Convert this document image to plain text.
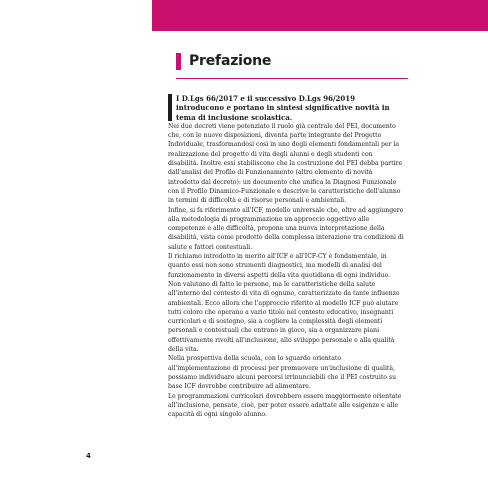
Prefazione

I D.Lgs 66/2017 e il successivo D.Lgs 96/2019 introducono e portano in sintesi significative novità in tema di inclusione scolastica.

Nei due decreti viene potenziato il ruolo già centrale del PEI, documento che, con le nuove disposizioni, diventa parte integrante del Progetto Individuale, trasformandosi così in uno degli elementi fondamentali per la realizzazione del progetto di vita degli alunni e degli studenti con disabilità. Inoltre essi stabiliscono che la costruzione del PEI debba partire dall'analisi del Profilo di Funzionamento (altro elemento di novità introdotto dal decreto): un documento che unifica la Diagnosi Funzionale con il Profilo Dinamico-Funzionale e descrive le caratteristiche dell'alunno in termini di difficoltà e di risorse personali e ambientali.

Infine, si fa riferimento all'ICF, modello universale che, oltre ad aggiungere alla metodologia di programmazione un approccio oggettivo alle competenze e alle difficoltà, propone una nuova interpretazione della disabilità, vista come prodotto della complessa interazione tra condizioni di salute e fattori contestuali.

Il richiamo introdotto in merito all'ICF e all'ICF-CY è fondamentale, in quanto essi non sono strumenti diagnostici, ma modelli di analisi del funzionamento in diversi aspetti della vita quotidiana di ogni individuo. Non valutano di fatto le persone, ma le caratteristiche della salute all'interno del contesto di vita di ognuno, caratterizzato da tante influenze ambientali. Ecco allora che l'approccio riferito al modello ICF può aiutare tutti coloro che operano a vario titolo nel contesto educativo, insegnanti curricolari e di sostegno, sia a cogliere la complessità degli elementi personali e contestuali che entrano in gioco, sia a organizzare piani effettivamente rivolti all'inclusione, allo sviluppo personale e alla qualità della vita.

Nella prospettiva della scuola, con lo sguardo orientato all'implementazione di processi per promuovere un'inclusione di qualità, possiamo individuare alcuni percorsi irrinunciabili che il PEI costruito su base ICF dovrebbe contribuire ad alimentare.

Le programmazioni curricolari dovrebbero essere maggiormente orientate all'inclusione, pensate, cioè, per poter essere adattate alle esigenze e alle capacità di ogni singolo alunno.

4
